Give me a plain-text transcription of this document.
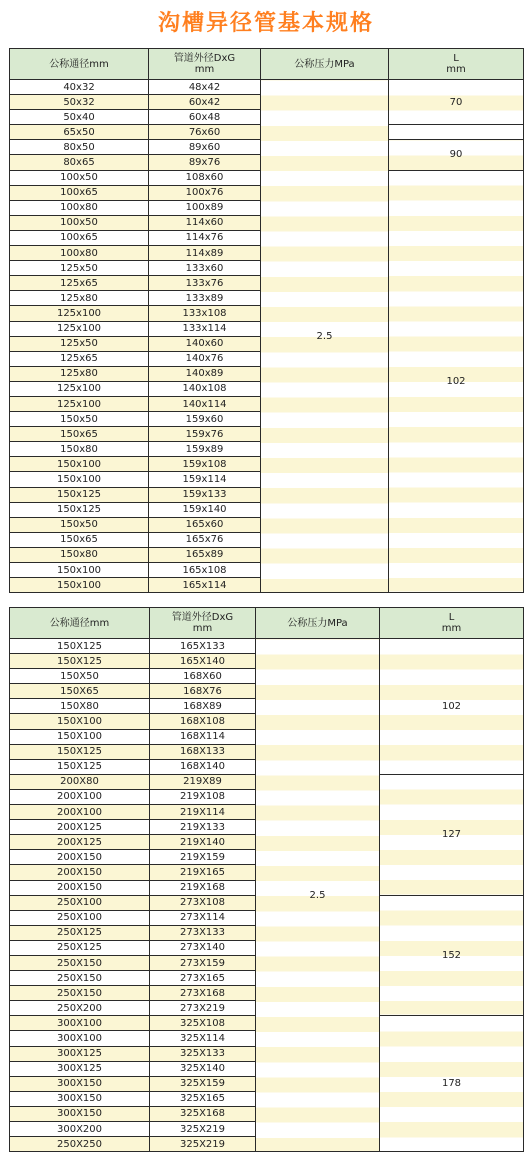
沟槽异径管基本规格
公称通径mm	管道外径DxG
mm	公称压力MPa	L
mm
40x32	48x42	2.5	70
50x32	60x42		
50x40	60x48		
65x50	76x60		
80x50	89x60		90
80x65	89x76		
100x50	108x60		102
100x65	100x76		
100x80	100x89		
100x50	114x60		
100x65	114x76		
100x80	114x89		
125x50	133x60		
125x65	133x76		
125x80	133x89		
125x100	133x108		
125x100	133x114		
125x50	140x60		
125x65	140x76		
125x80	140x89		
125x100	140x108		
125x100	140x114		
150x50	159x60		
150x65	159x76		
150x80	159x89		
150x100	159x108		
150x100	159x114		
150x125	159x133		
150x125	159x140		
150x50	165x60		
150x65	165x76		
150x80	165x89		
150x100	165x108		
150x100	165x114		
公称通径mm	管道外径DxG
mm	公称压力MPa	L
mm
150X125	165X133	2.5	102
150X125	165X140		
150X50	168X60		
150X65	168X76		
150X80	168X89		
150X100	168X108		
150X100	168X114		
150X125	168X133		
150X125	168X140		
200X80	219X89		127
200X100	219X108		
200X100	219X114		
200X125	219X133		
200X125	219X140		
200X150	219X159		
200X150	219X165		
200X150	219X168		
250X100	273X108		152
250X100	273X114		
250X125	273X133		
250X125	273X140		
250X150	273X159		
250X150	273X165		
250X150	273X168		
250X200	273X219		
300X100	325X108		178
300X100	325X114		
300X125	325X133		
300X125	325X140		
300X150	325X159		
300X150	325X165		
300X150	325X168		
300X200	325X219		
250X250	325X219		
